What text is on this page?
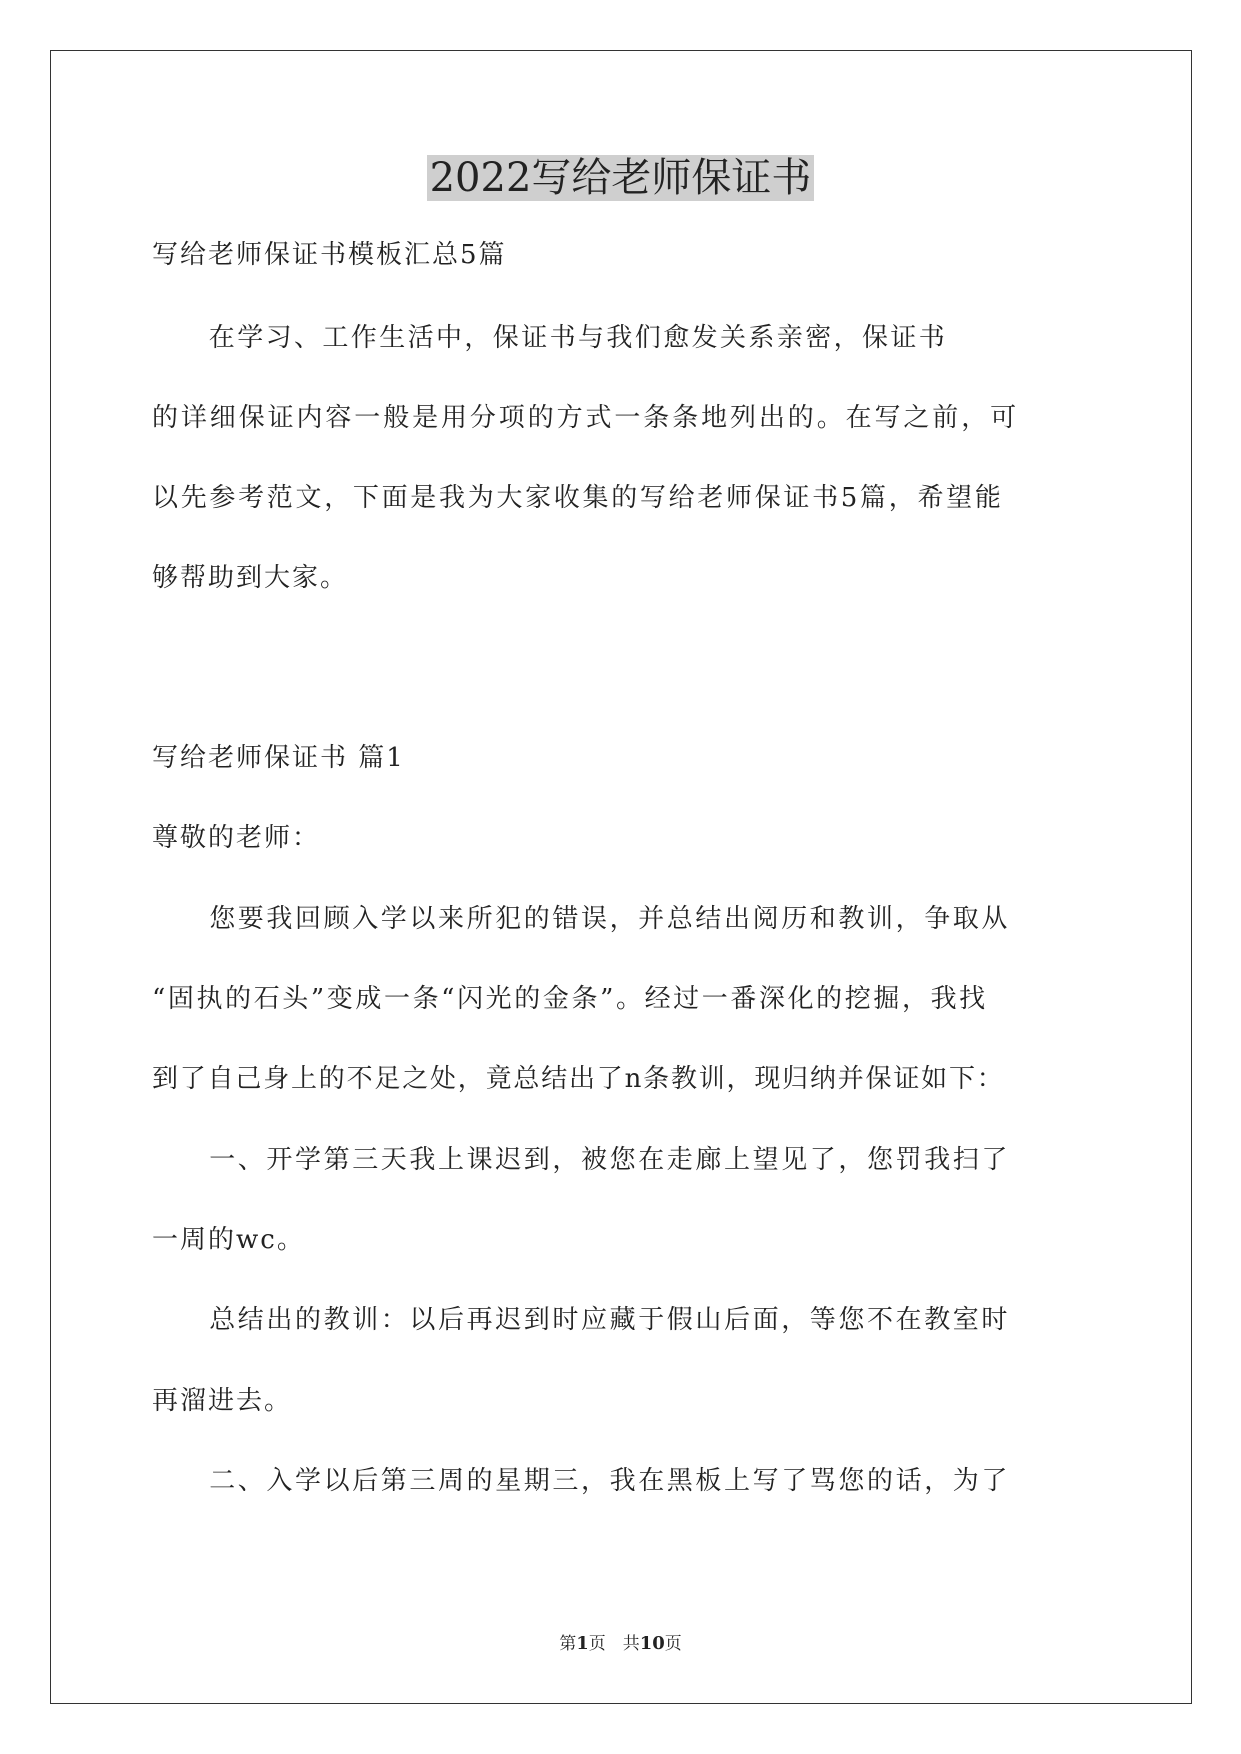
2022写给老师保证书
写给老师保证书模板汇总5篇
　　在学习、工作生活中，保证书与我们愈发关系亲密，保证书
的详细保证内容一般是用分项的方式一条条地列出的。在写之前，可
以先参考范文，下面是我为大家收集的写给老师保证书5篇，希望能
够帮助到大家。
写给老师保证书 篇1
尊敬的老师：
　　您要我回顾入学以来所犯的错误，并总结出阅历和教训，争取从
“固执的石头”变成一条“闪光的金条”。经过一番深化的挖掘，我找
到了自己身上的不足之处，竟总结出了n条教训，现归纳并保证如下：
　　一、开学第三天我上课迟到，被您在走廊上望见了，您罚我扫了
一周的wc。
　　总结出的教训：以后再迟到时应藏于假山后面，等您不在教室时
再溜进去。
　　二、入学以后第三周的星期三，我在黑板上写了骂您的话，为了
第1页　共10页
